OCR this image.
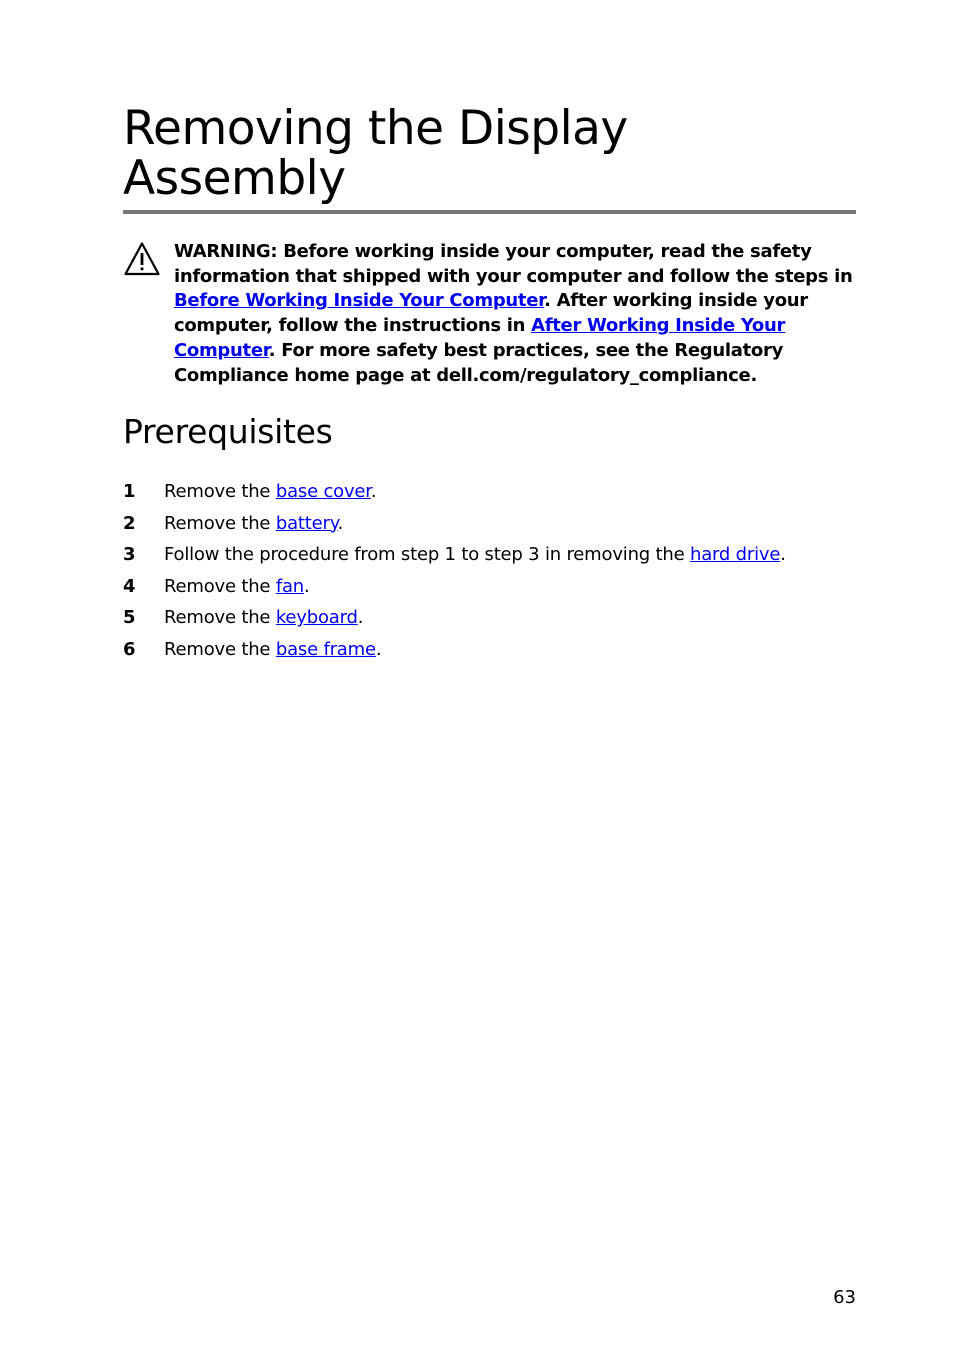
Removing the Display Assembly

WARNING: Before working inside your computer, read the safety information that shipped with your computer and follow the steps in Before Working Inside Your Computer. After working inside your computer, follow the instructions in After Working Inside Your Computer. For more safety best practices, see the Regulatory Compliance home page at dell.com/regulatory_compliance.

Prerequisites
1 Remove the base cover.
2 Remove the battery.
3 Follow the procedure from step 1 to step 3 in removing the hard drive.
4 Remove the fan.
5 Remove the keyboard.
6 Remove the base frame.
63
